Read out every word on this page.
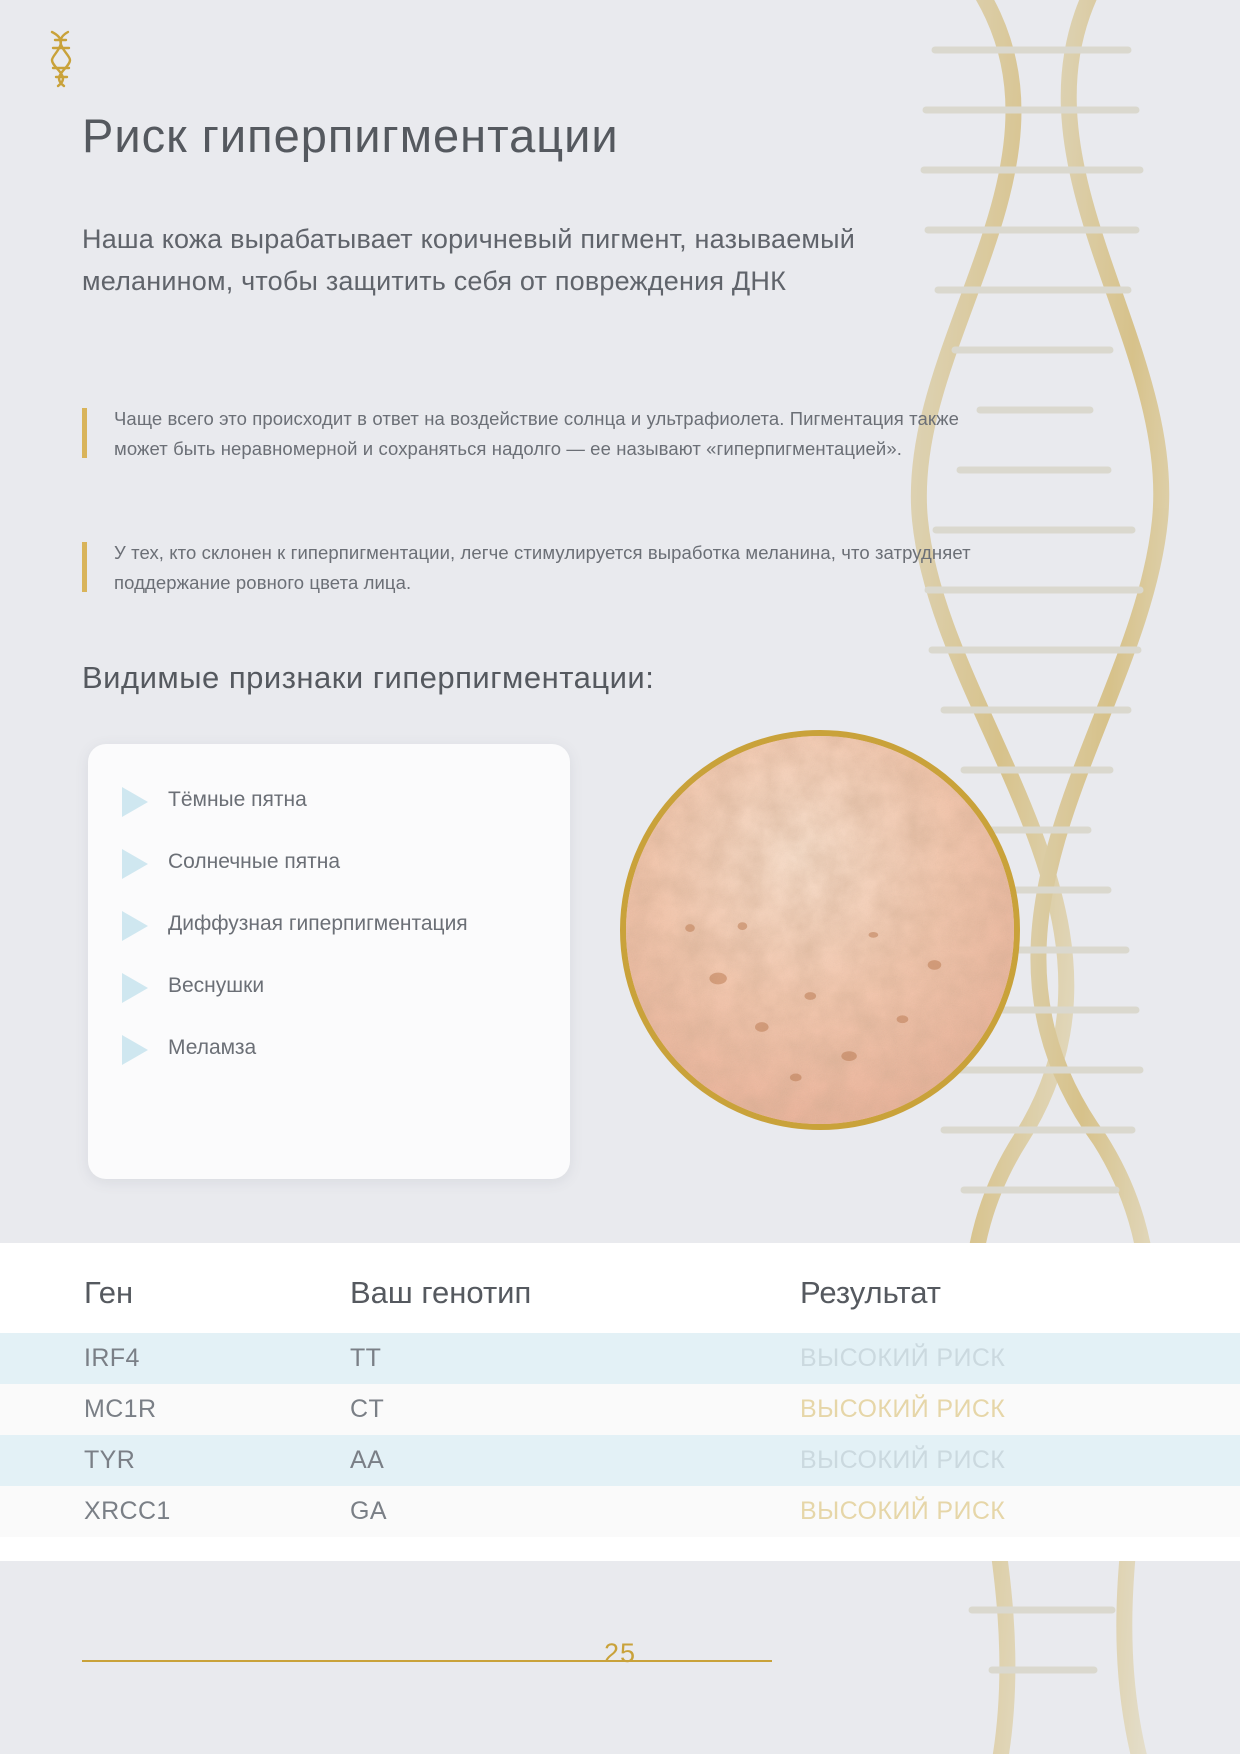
Риск гиперпигментации

Наша кожа вырабатывает коричневый пигмент, называемый меланином, чтобы защитить себя от повреждения ДНК

Чаще всего это происходит в ответ на воздействие солнца и ультрафиолета. Пигментация также может быть неравномерной и сохраняться надолго — ее называют «гиперпигментацией».

У тех, кто склонен к гиперпигментации, легче стимулируется выработка меланина, что затрудняет поддержание ровного цвета лица.

Видимые признаки гиперпигментации:
Тёмные пятна
Солнечные пятна
Диффузная гиперпигментация
Веснушки
Меламза
Ген	Ваш генотип	Результат
IRF4	TT	ВЫСОКИЙ РИСК
MC1R	CT	ВЫСОКИЙ РИСК
TYR	AA	ВЫСОКИЙ РИСК
XRCC1	GA	ВЫСОКИЙ РИСК
25
